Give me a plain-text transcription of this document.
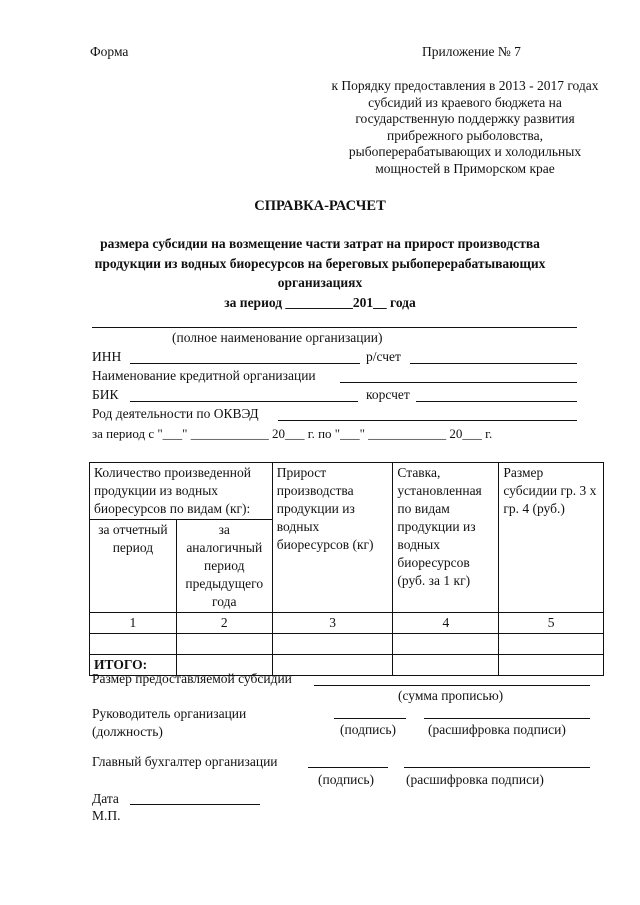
Форма	Приложение № 7
к Порядку предоставления в 2013 - 2017 годах субсидий из краевого бюджета на государственную поддержку развития прибрежного рыболовства, рыбоперерабатывающих и холодильных мощностей в Приморском крае
СПРАВКА-РАСЧЕТ
размера субсидии на возмещение части затрат на прирост производства
продукции из водных биоресурсов на береговых рыбоперерабатывающих
организациях
за период __________201__ года
(полное наименование организации)
ИНН	р/счет
Наименование кредитной организации
БИК	корсчет
Род деятельности по ОКВЭД
за период с "___" ____________ 20___ г. по "___" ____________ 20___ г.
Количество произведенной продукции из водных биоресурсов по видам (кг):		Прирост производства продукции из водных биоресурсов (кг)	Ставка, установленная по видам продукции из водных биоресурсов (руб. за 1 кг)	Размер субсидии гр. 3 х гр. 4 (руб.)
за отчетный период	за аналогичный период предыдущего года			
1	2	3	4	5

ИТОГО:				
Размер предоставляемой субсидии
(сумма прописью)
Руководитель организации
(должность)	(подпись) (расшифровка подписи)
Главный бухгалтер организации
(подпись) (расшифровка подписи)
Дата
М.П.
